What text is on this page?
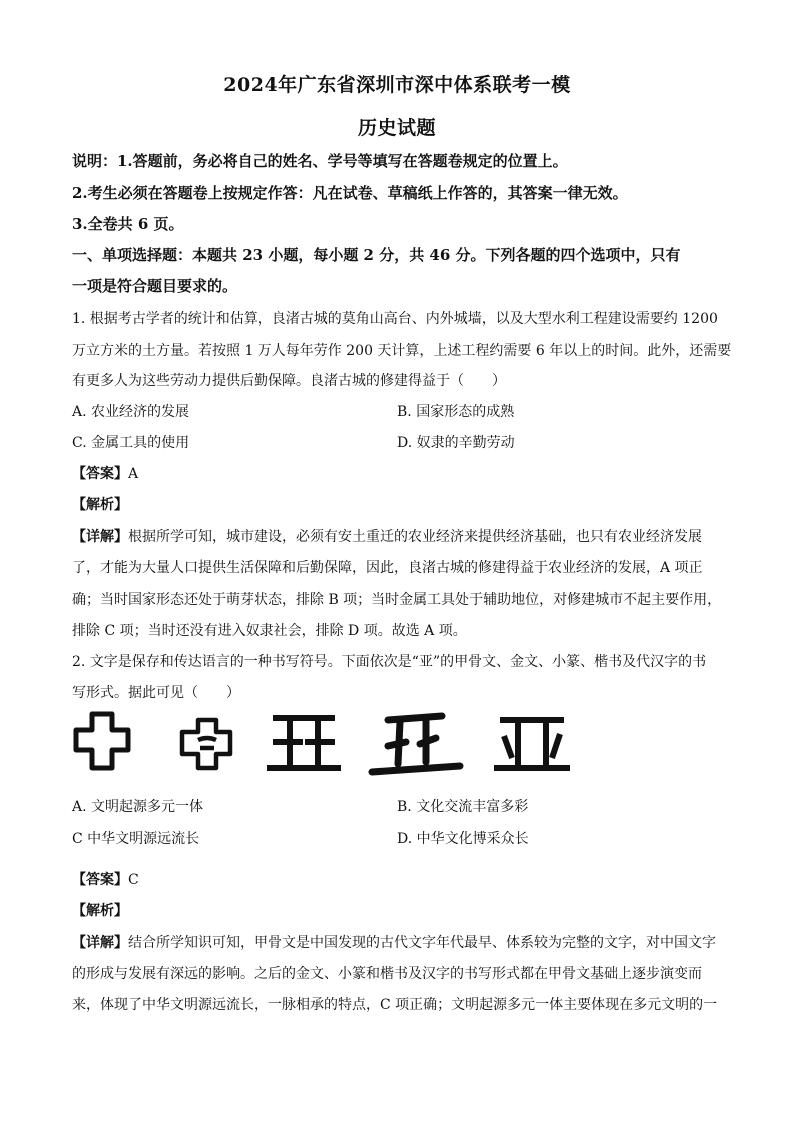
2024年广东省深圳市深中体系联考一模
历史试题
说明：1.答题前，务必将自己的姓名、学号等填写在答题卷规定的位置上。
2.考生必须在答题卷上按规定作答：凡在试卷、草稿纸上作答的，其答案一律无效。
3.全卷共 6 页。
一、单项选择题：本题共 23 小题，每小题 2 分，共 46 分。下列各题的四个选项中，只有
一项是符合题目要求的。
1. 根据考古学者的统计和估算，良渚古城的莫角山高台、内外城墙，以及大型水利工程建设需要约 1200
万立方米的土方量。若按照 1 万人每年劳作 200 天计算，上述工程约需要 6 年以上的时间。此外，还需要
有更多人为这些劳动力提供后勤保障。良渚古城的修建得益于（　　）
A. 农业经济的发展	B. 国家形态的成熟
C. 金属工具的使用	D. 奴隶的辛勤劳动
【答案】A
【解析】
【详解】根据所学可知，城市建设，必须有安土重迁的农业经济来提供经济基础，也只有农业经济发展
了，才能为大量人口提供生活保障和后勤保障，因此，良渚古城的修建得益于农业经济的发展，A 项正
确；当时国家形态还处于萌芽状态，排除 B 项；当时金属工具处于辅助地位，对修建城市不起主要作用，
排除 C 项；当时还没有进入奴隶社会，排除 D 项。故选 A 项。
2. 文字是保存和传达语言的一种书写符号。下面依次是“亚”的甲骨文、金文、小篆、楷书及代汉字的书
写形式。据此可见（　　）
A. 文明起源多元一体	B. 文化交流丰富多彩
C 中华文明源远流长	D. 中华文化博采众长
【答案】C
【解析】
【详解】结合所学知识可知，甲骨文是中国发现的古代文字年代最早、体系较为完整的文字，对中国文字
的形成与发展有深远的影响。之后的金文、小篆和楷书及汉字的书写形式都在甲骨文基础上逐步演变而
来，体现了中华文明源远流长，一脉相承的特点，C 项正确；文明起源多元一体主要体现在多元文明的一
